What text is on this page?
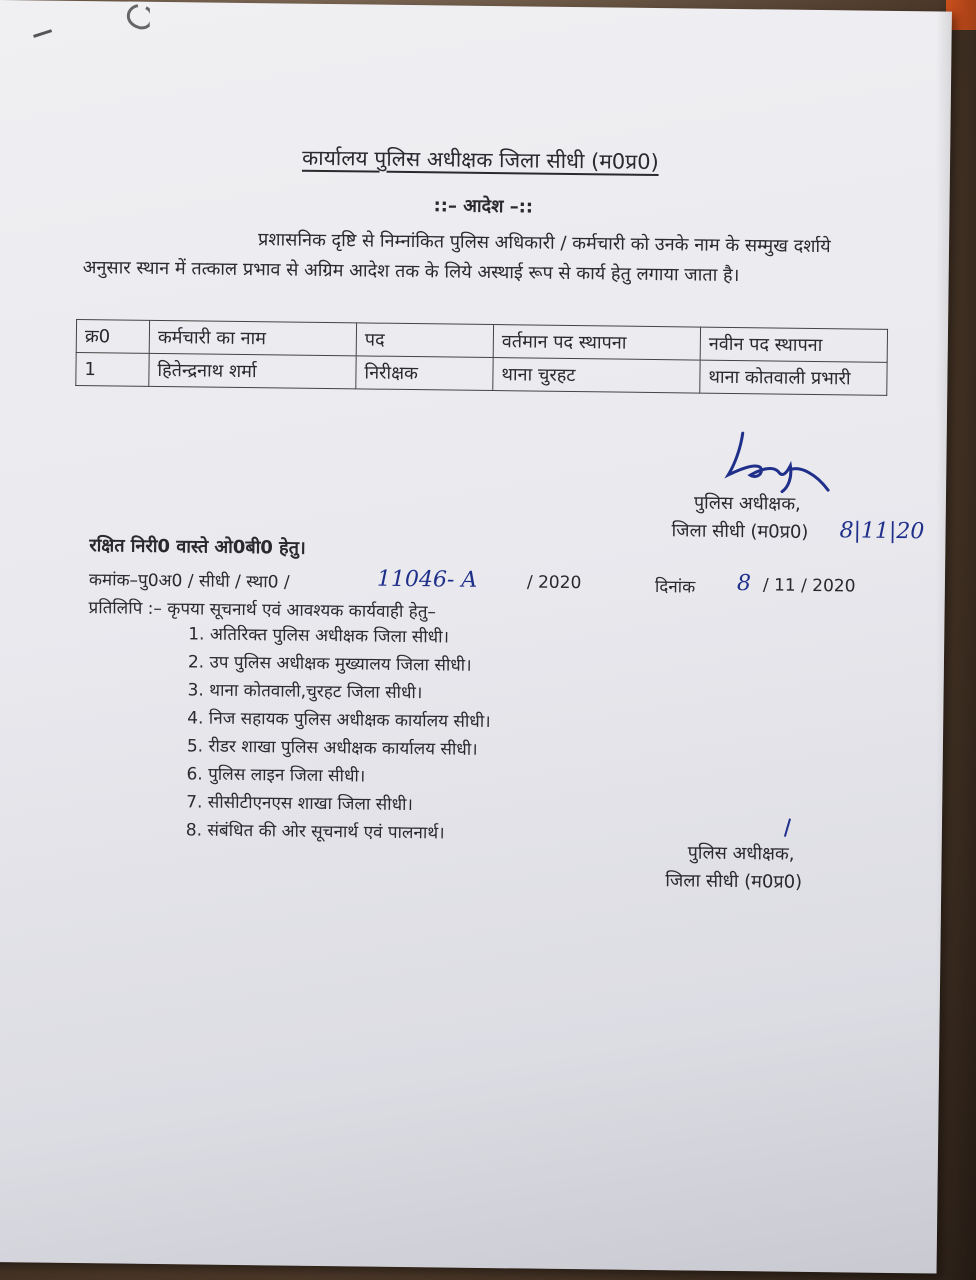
कार्यालय पुलिस अधीक्षक जिला सीधी (म0प्र0)
::– आदेश –::
प्रशासनिक दृष्टि से निम्नांकित पुलिस अधिकारी / कर्मचारी को उनके नाम के सम्मुख दर्शाये अनुसार स्थान में तत्काल प्रभाव से अग्रिम आदेश तक के लिये अस्थाई रूप से कार्य हेतु लगाया जाता है।
क्र0	कर्मचारी का नाम	पद	वर्तमान पद स्थापना	नवीन पद स्थापना
1	हितेन्द्रनाथ शर्मा	निरीक्षक	थाना चुरहट	थाना कोतवाली प्रभारी
पुलिस अधीक्षक,
जिला सीधी (म0प्र0) 8|11|20
रक्षित निरी0 वास्ते ओ0बी0 हेतु।
कमांक–पु0अ0 / सीधी / स्था0 /	11046- A	/ 2020	दिनांक 8 / 11 / 2020
प्रतिलिपि :– कृपया सूचनार्थ एवं आवश्यक कार्यवाही हेतु–
1. अतिरिक्त पुलिस अधीक्षक जिला सीधी।
2. उप पुलिस अधीक्षक मुख्यालय जिला सीधी।
3. थाना कोतवाली,चुरहट जिला सीधी।
4. निज सहायक पुलिस अधीक्षक कार्यालय सीधी।
5. रीडर शाखा पुलिस अधीक्षक कार्यालय सीधी।
6. पुलिस लाइन जिला सीधी।
7. सीसीटीएनएस शाखा जिला सीधी।
8. संबंधित की ओर सूचनार्थ एवं पालनार्थ।
पुलिस अधीक्षक,
जिला सीधी (म0प्र0)
